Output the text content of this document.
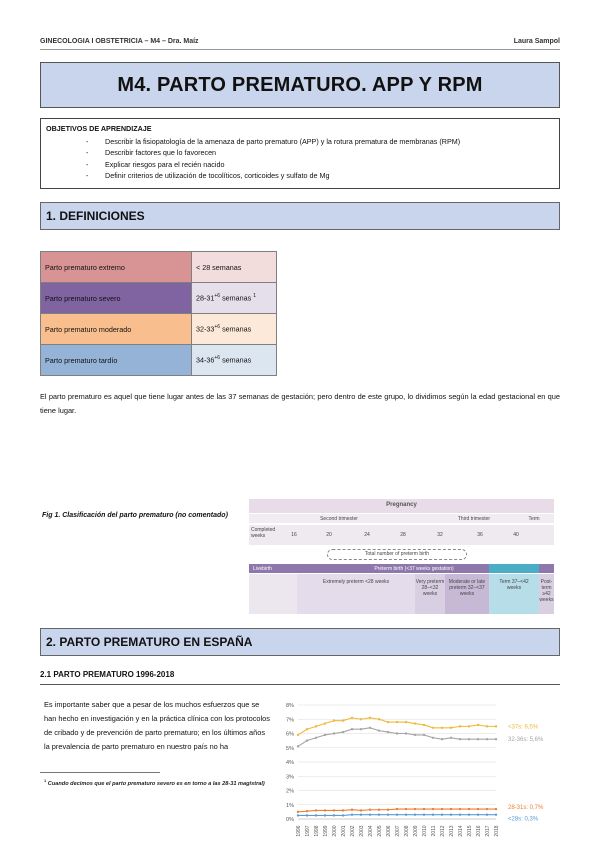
GINECOLOGIA I OBSTETRICIA – M4 – Dra. Maíz	Laura Sampol
M4. PARTO PREMATURO. APP Y RPM
OBJETIVOS DE APRENDIZAJE
- Describir la fisiopatología de la amenaza de parto prematuro (APP) y la rotura prematura de membranas (RPM)
- Describir factores que lo favorecen
- Explicar riesgos para el recién nacido
- Definir criterios de utilización de tocolíticos, corticoides y sulfato de Mg
1. DEFINICIONES
Parto prematuro extremo	< 28 semanas
Parto prematuro severo	$28-31^{+6}$ semanas $^1$
Parto prematuro moderado	$32-33^{+6}$ semanas
Parto prematuro tardío	$34-36^{+6}$ semanas

El parto prematuro es aquel que tiene lugar antes de las 37 semanas de gestación; pero dentro de este grupo, lo dividimos según la edad gestacional en que tiene lugar.

Fig 1. Clasificación del parto prematuro (no comentado)
Pregnancy
Second trimester	Third trimester	Term
Completed weeks	16	20	24	28	32	36	40
Total number of preterm birth
Livebirth	Preterm birth (<37 weeks gestation)
Extremely preterm <28 weeks	Very preterm 28–<32 weeks
Moderate or late preterm 32–<37 weeks
Term 37–<42 weeks
Post-term ≥42 weeks
2. PARTO PREMATURO EN ESPAÑA
2.1 PARTO PREMATURO 1996-2018

Es importante saber que a pesar de los muchos esfuerzos que se han hecho en investigación y en la práctica clínica con los protocolos de cribado y de prevención de parto prematuro; en los últimos años la prevalencia de parto prematuro en nuestro país no ha

$^1$ Cuando decimos que el parto prematuro severo es en torno a las 28-31 magistral)
0%
1%
2%
3%
4%
5%
6%
7%
8%
1996 1997 1998 1999 2000 2001 2002 2003 2004 2005 2006 2007 2008 2009 2010 2011 2012 2013 2014 2015 2016 2017 2018
<37s: 6,5%
32-36s: 5,6%
28-31s: 0,7%
<28s: 0,3%
